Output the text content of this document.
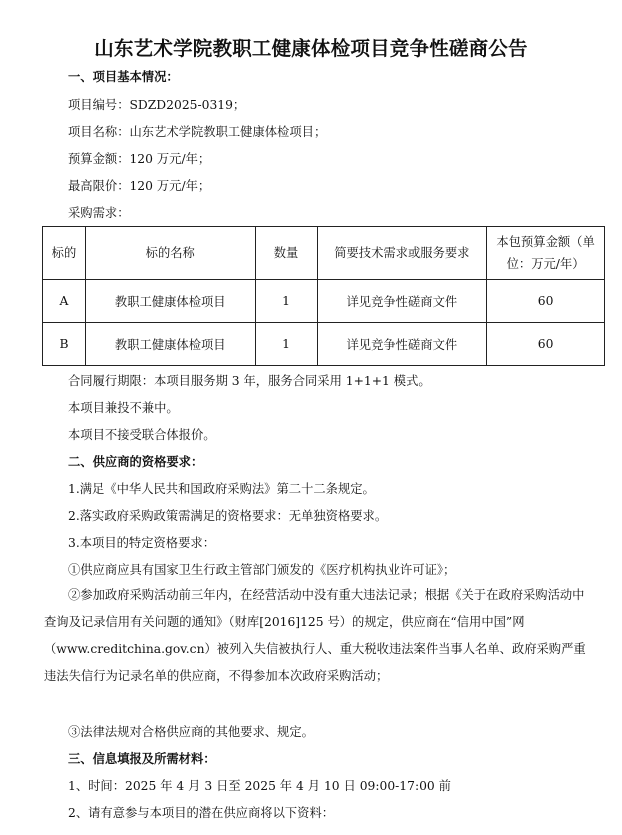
山东艺术学院教职工健康体检项目竞争性磋商公告
一、项目基本情况：
项目编号：SDZD2025-0319；
项目名称：山东艺术学院教职工健康体检项目；
预算金额：120 万元/年；
最高限价：120 万元/年；
采购需求：
标的	标的名称	数量	简要技术需求或服务要求	本包预算金额（单位：万元/年）
A	教职工健康体检项目	1	详见竞争性磋商文件	60
B	教职工健康体检项目	1	详见竞争性磋商文件	60
合同履行期限：本项目服务期 3 年，服务合同采用 1+1+1 模式。
本项目兼投不兼中。
本项目不接受联合体报价。
二、供应商的资格要求：
1.满足《中华人民共和国政府采购法》第二十二条规定。
2.落实政府采购政策需满足的资格要求：无单独资格要求。
3.本项目的特定资格要求：
①供应商应具有国家卫生行政主管部门颁发的《医疗机构执业许可证》；
②参加政府采购活动前三年内，在经营活动中没有重大违法记录；根据《关于在政府采购活动中查询及记录信用有关问题的通知》（财库[2016]125 号）的规定，供应商在“信用中国”网（www.creditchina.gov.cn）被列入失信被执行人、重大税收违法案件当事人名单、政府采购严重违法失信行为记录名单的供应商，不得参加本次政府采购活动；
③法律法规对合格供应商的其他要求、规定。
三、信息填报及所需材料：
1、时间：2025 年 4 月 3 日至 2025 年 4 月 10 日 09:00-17:00 前
2、请有意参与本项目的潜在供应商将以下资料：
